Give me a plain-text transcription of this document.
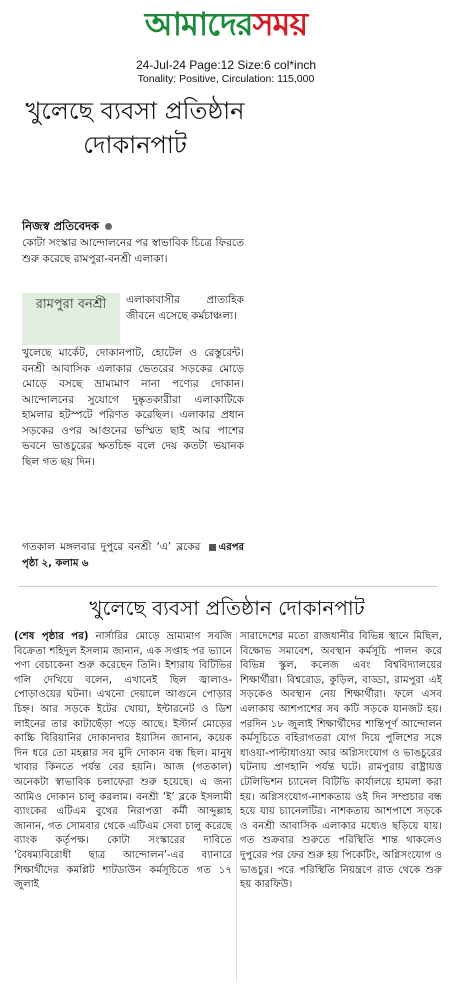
আমাদেরসময়
24-Jul-24 Page:12 Size:6 col*inch
Tonality: Positive, Circulation: 115,000
খুলেছে ব্যবসা প্রতিষ্ঠান দোকানপাট
নিজস্ব প্রতিবেদক
কোটা সংস্কার আন্দোলনের পর স্বাভাবিক চিত্রে ফিরতে শুরু করেছে রামপুরা-বনশ্রী এলাকা।
রামপুরা বনশ্রী	এলাকাবাসীর প্রাত্যহিক জীবনে এসেছে কর্মচাঞ্চল্য।
খুলেছে মার্কেট, দোকানপাট, হোটেল ও রেস্তুরেন্ট। বনশ্রী আবাসিক এলাকার ভেতরের সড়কের মোড়ে মোড়ে বসছে ভ্রাম্যমাণ নানা পণ্যের দোকান। আন্দোলনের সুযোগে দুষ্কৃতকারীরা এলাকাটিকে হামলার হটস্পটে পরিণত করেছিল। এলাকার প্রধান সড়কের ওপর আগুনের ভস্মিত ছাই আর পাশের ভবনে ভাঙচুরের ক্ষতচিহ্ন বলে দেয় কতটা ভয়ানক ছিল গত ছয় দিন।
গতকাল মঙ্গলবার দুপুরে বনশ্রী ‘এ’ ব্লকের এরপর পৃষ্ঠা ২, কলাম ৬
খুলেছে ব্যবসা প্রতিষ্ঠান দোকানপাট
(শেষ পৃষ্ঠার পর) নার্সারির মোড়ে ভ্রাম্যমাণ সবজি বিক্রেতা শহিদুল ইসলাম জানান, এক সপ্তাহ পর ভ্যানে পণ্য বেচাকেনা শুরু করেছেন তিনি। ইশারায় বিটিভির গলি দেখিয়ে বলেন, এখানেই ছিল জ্বালাও-পোড়াওয়ের ঘটনা। এখনো দেয়ালে আগুনে পোড়ার চিহ্ন। আর সড়কে ইটের খোয়া, ইন্টারনেট ও ডিশ লাইনের তার কাটাছেঁড়া পড়ে আছে। ইস্টার্ন মোড়ের কাচ্চি বিরিয়ানির দোকানদার ইয়াসিন জানান, কয়েক দিন ধরে তো মহল্লার সব মুদি দোকান বন্ধ ছিল। মানুষ খাবার কিনতে পর্যন্ত বের হয়নি। আজ (গতকাল) অনেকটা স্বাভাবিক চলাফেরা শুরু হয়েছে। এ জন্য আমিও দোকান চালু করলাম। বনশ্রী ‘ই’ ব্লকে ইসলামী ব্যাংকের এটিএম বুথের নিরাপত্তা কর্মী আব্দুল্লাহ জানান, গত সোমবার থেকে এটিএম সেবা চালু করেছে ব্যাংক কর্তৃপক্ষ। কোটা সংস্কারের দাবিতে ‘বৈষম্যবিরোধী ছাত্র আন্দোলন’-এর ব্যানারে শিক্ষার্থীদের কমপ্লিট শাটডাউন কর্মসূচিতে গত ১৭ জুলাই
সারাদেশের মতো রাজধানীর বিভিন্ন স্থানে মিছিল, বিক্ষোভ সমাবেশ, অবস্থান কর্মসূচি পালন করে বিভিন্ন স্কুল, কলেজ এবং বিশ্ববিদ্যালয়ের শিক্ষার্থীরা। বিশ্বরোড, কুড়িল, বাড্ডা, রামপুরা এই সড়কেও অবস্থান নেয় শিক্ষার্থীরা। ফলে এসব এলাকায় আশপাশের সব কটি সড়কে যানজট হয়। পরদিন ১৮ জুলাই শিক্ষার্থীদের শান্তিপূর্ণ আন্দোলন কর্মসূচিতে বহিরাগতরা যোগ দিয়ে পুলিশের সঙ্গে ধাওয়া-পাল্টাধাওয়া আর অগ্নিসংযোগ ও ভাঙচুরের ঘটনায় প্রাণহানি পর্যন্ত ঘটে। রামপুরায় রাষ্ট্রায়ত্ত টেলিভিশন চ্যানেল বিটিভি কার্যালয়ে হামলা করা হয়। অগ্নিসংযোগ-নাশকতায় ওই দিন সম্প্রচার বন্ধ হয়ে যায় চ্যানেলটির। নাশকতায় আশপাশে সড়কে ও বনশ্রী আবাসিক এলাকার মধ্যেও ছড়িয়ে যায়। গত শুক্রবার শুরুতে পরিস্থিতি শান্ত থাকলেও দুপুরের পর ফের শুরু হয় পিকেটিং, অগ্নিসংযোগ ও ভাঙচুর। পরে পরিস্থিতি নিয়ন্ত্রণে রাত থেকে শুরু হয় কারফিউ।
